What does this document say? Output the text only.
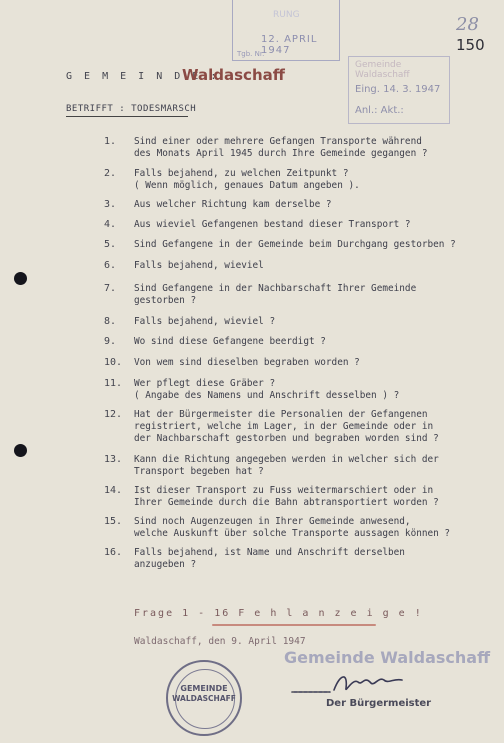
RUNG
12. APRIL 1947
Tgb. Nr.
Gemeinde Waldaschaff
Eing. 14. 3. 1947
Anl.: Akt.:
28
150
G E M E I N D E :
Waldaschaff
BETRIFFT : TODESMARSCH
1.	Sind einer oder mehrere Gefangen Transporte während
des Monats April 1945 durch Ihre Gemeinde gegangen ?
2.	Falls bejahend, zu welchen Zeitpunkt ?
( Wenn möglich, genaues Datum angeben ).
3.	Aus welcher Richtung kam derselbe ?
4.	Aus wieviel Gefangenen bestand dieser Transport ?
5.	Sind Gefangene in der Gemeinde beim Durchgang gestorben ?
6.	Falls bejahend, wieviel
7.	Sind Gefangene in der Nachbarschaft Ihrer Gemeinde
gestorben ?
8.	Falls bejahend, wieviel ?
9.	Wo sind diese Gefangene beerdigt ?
10.	Von wem sind dieselben begraben worden ?
11.	Wer pflegt diese Gräber ?
( Angabe des Namens und Anschrift desselben ) ?
12.	Hat der Bürgermeister die Personalien der Gefangenen
registriert, welche im Lager, in der Gemeinde oder in
der Nachbarschaft gestorben und begraben worden sind ?
13.	Kann die Richtung angegeben werden in welcher sich der
Transport begeben hat ?
14.	Ist dieser Transport zu Fuss weitermarschiert oder in
Ihrer Gemeinde durch die Bahn abtransportiert worden ?
15.	Sind noch Augenzeugen in Ihrer Gemeinde anwesend,
welche Auskunft über solche Transporte aussagen können ?
16.	Falls bejahend, ist Name und Anschrift derselben
anzugeben ?
Frage 1 - 16 F e h l a n z e i g e !
Waldaschaff, den 9. April 1947
GEMEINDE
WALDASCHAFF
Gemeinde Waldaschaff
Der Bürgermeister
